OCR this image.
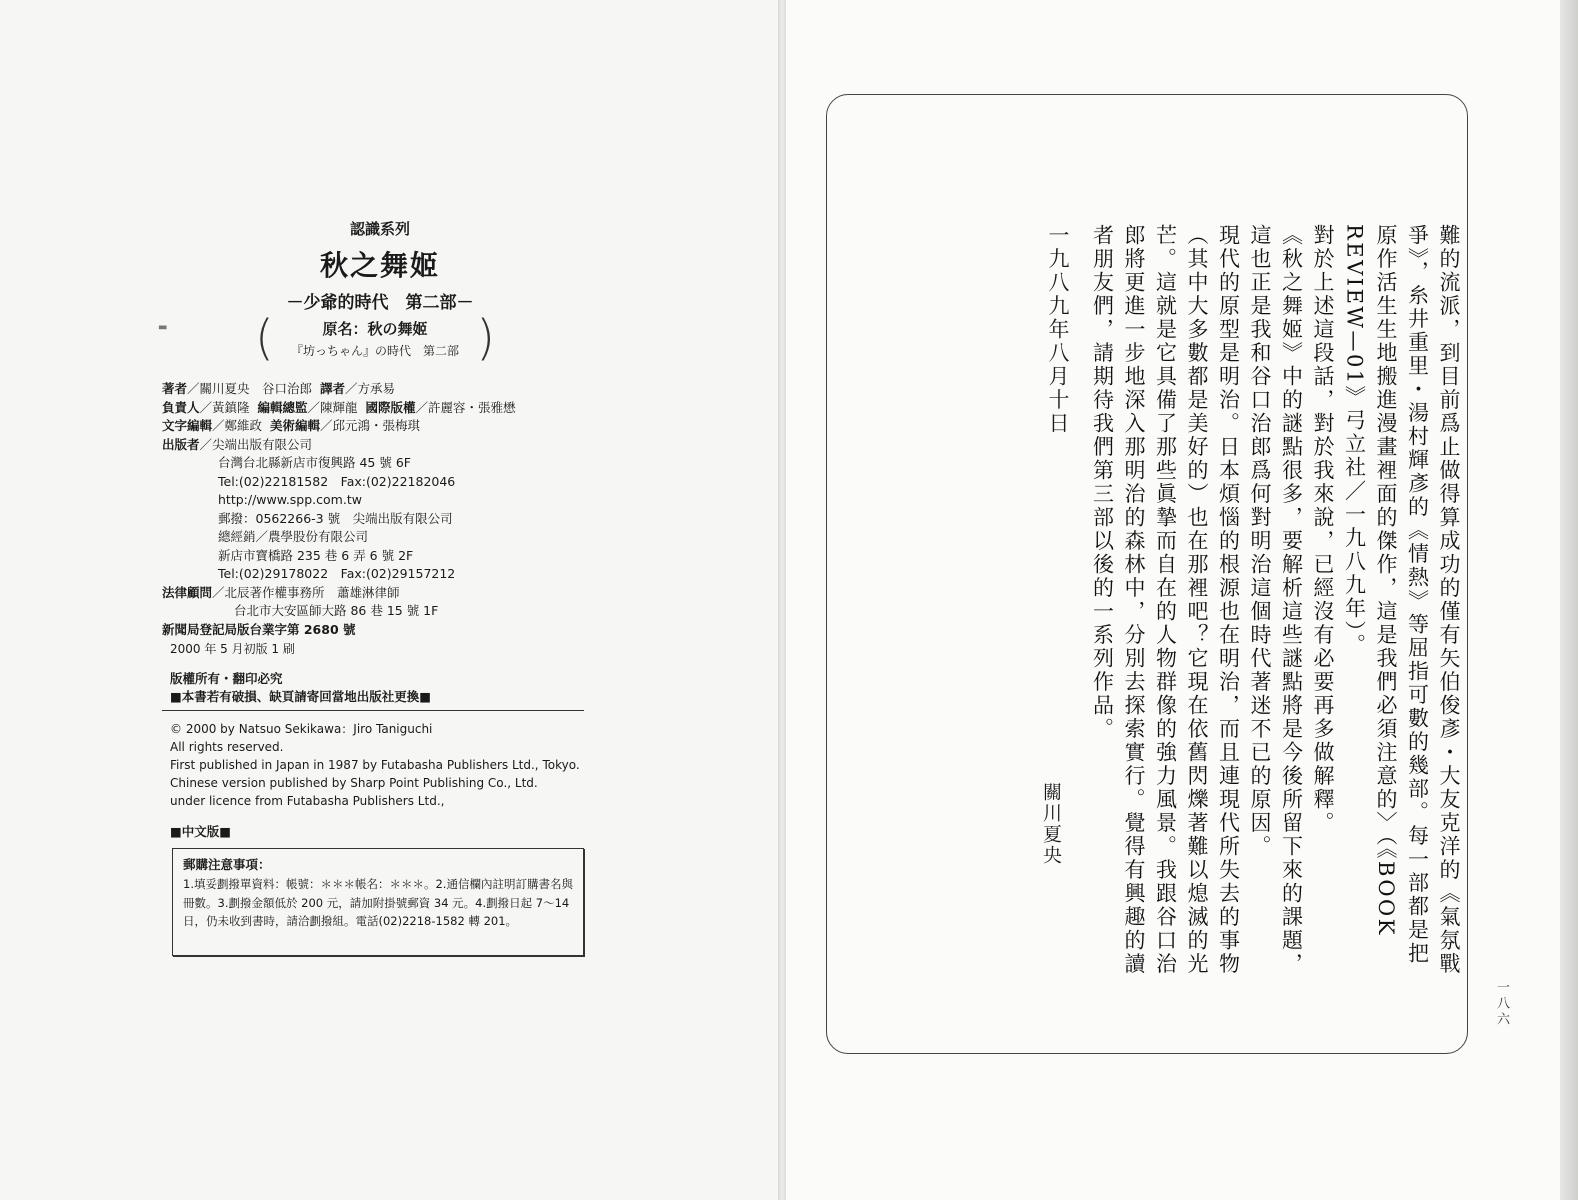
認識系列
秋之舞姬
－少爺的時代　第二部－
▬ (	原名：秋の舞姬
『坊っちゃん』の時代　第二部 )
著者／關川夏央　谷口治郎 譯者／方承易
負責人／黃鎮隆 編輯總監／陳輝龍 國際版權／許麗容・張雅懋
文字編輯／鄭維政 美術編輯／邱元鴻・張梅琪
出版者／尖端出版有限公司
台灣台北縣新店市復興路 45 號 6F
Tel:(02)22181582　Fax:(02)22182046
http://www.spp.com.tw
郵撥：0562266-3 號　尖端出版有限公司
總經銷／農學股份有限公司
新店市寶橋路 235 巷 6 弄 6 號 2F
Tel:(02)29178022　Fax:(02)29157212
法律顧問／北辰著作權事務所　蕭雄淋律師
台北市大安區師大路 86 巷 15 號 1F
新聞局登記局版台業字第 2680 號
2000 年 5 月初版 1 刷
版權所有・翻印必究
■本書若有破損、缺頁請寄回當地出版社更換■
© 2000 by Natsuo Sekikawa：Jiro Taniguchi
All rights reserved.
First published in Japan in 1987 by Futabasha Publishers Ltd., Tokyo.
Chinese version published by Sharp Point Publishing Co., Ltd.
under licence from Futabasha Publishers Ltd.,
■中文版■
郵購注意事項：
1.填妥劃撥單資料：帳號：＊＊＊帳名：＊＊＊。2.通信欄內註明訂購書名與冊數。3.劃撥金額低於 200 元，請加附掛號郵資 34 元。4.劃撥日起 7～14 日，仍未收到書時，請洽劃撥組。電話(02)2218-1582 轉 201。	難的流派，到目前爲止做得算成功的僅有矢伯俊彥・大友克洋的《氣氛戰爭》，糸井重里・湯村輝彥的《情熱》等屈指可數的幾部。每一部都是把原作活生生地搬進漫畫裡面的傑作，這是我們必須注意的〉（《BOOK REVIEW—01》弓立社／一九八九年）。

對於上述這段話，對於我來說，已經沒有必要再多做解釋。

《秋之舞姬》中的謎點很多，要解析這些謎點將是今後所留下來的課題，這也正是我和谷口治郎爲何對明治這個時代著迷不已的原因。

現代的原型是明治。日本煩惱的根源也在明治，而且連現代所失去的事物（其中大多數都是美好的）也在那裡吧？它現在依舊閃爍著難以熄滅的光芒。這就是它具備了那些眞摯而自在的人物群像的強力風景。我跟谷口治郎將更進一步地深入那明治的森林中，分別去探索實行。覺得有興趣的讀者朋友們，請期待我們第三部以後的一系列作品。

一九八九年八月十日
關川夏央
一八六
